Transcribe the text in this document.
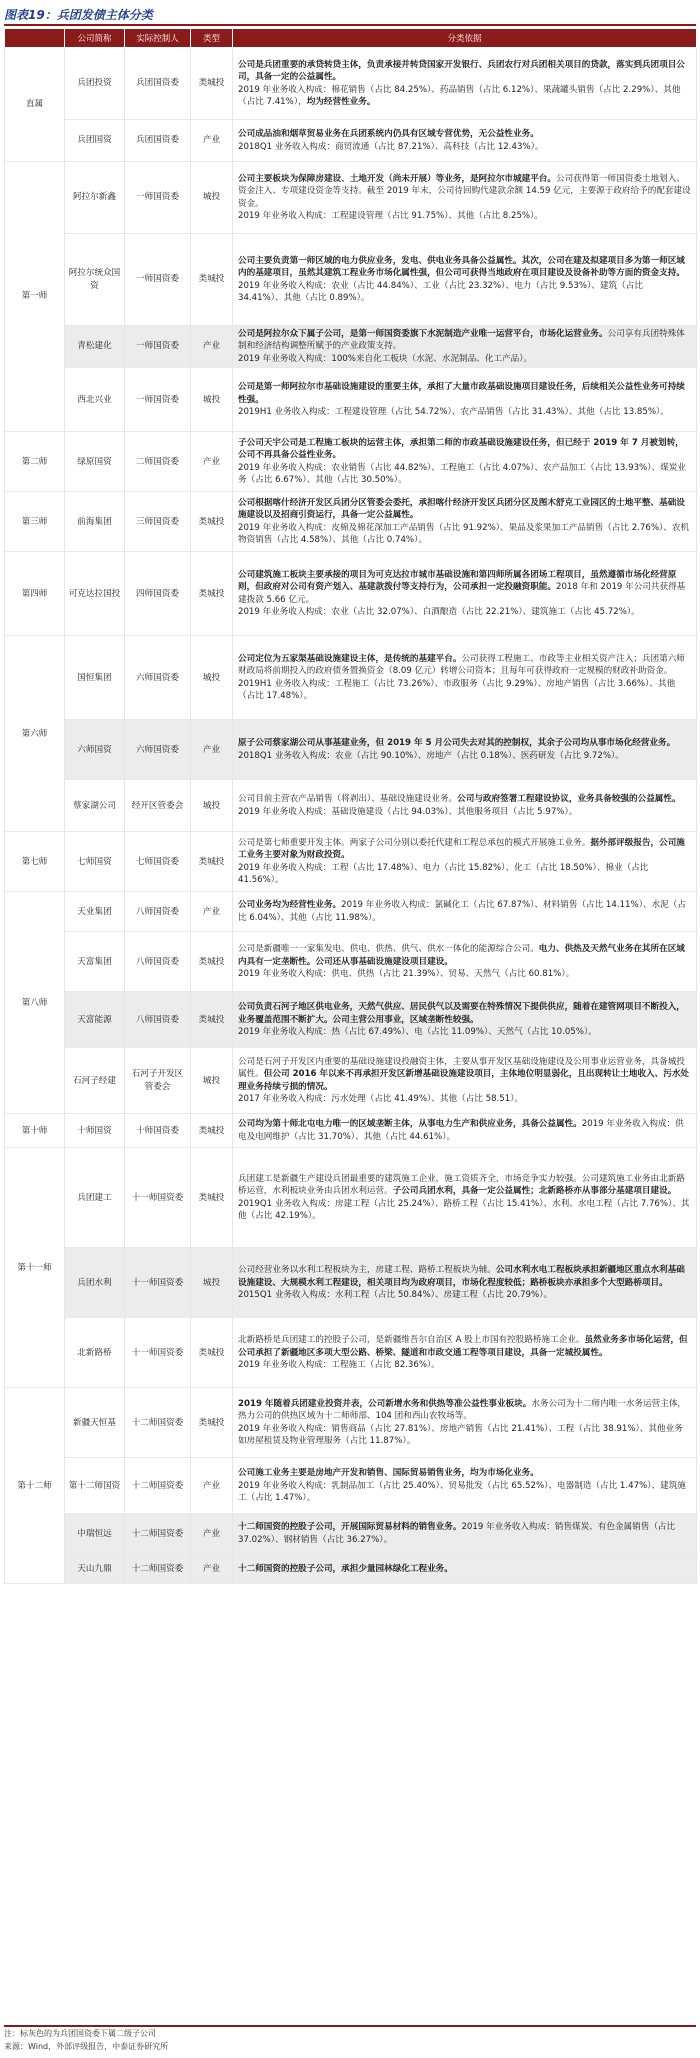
图表19：兵团发债主体分类
	公司简称	实际控制人	类型	分类依据
直属	兵团投资	兵团国资委	类城投	公司是兵团重要的承贷转贷主体，负责承接并转贷国家开发银行、兵团农行对兵团相关项目的贷款，落实到兵团项目公司，具备一定的公益属性。
2019 年业务收入构成：棉花销售（占比 84.25%）、药品销售（占比 6.12%）、果蔬罐头销售（占比 2.29%）、其他（占比 7.41%），均为经营性业务。

	兵团国资	兵团国资委	产业	公司成品油和烟草贸易业务在兵团系统内仍具有区域专营优势，无公益性业务。
2018Q1 业务收入构成：商贸流通（占比 87.21%）、高科技（占比 12.43%）。

第一师	阿拉尔新鑫	一师国资委	城投	公司主要板块为保障房建设、土地开发（尚未开展）等业务，是阿拉尔市城建平台。公司获得第一师国资委土地划入、资金注入、专项建设资金等支持。截至 2019 年末，公司待回购代建款余额 14.59 亿元，主要源于政府给予的配套建设资金。
2019 年业务收入构成：工程建设管理（占比 91.75%）、其他（占比 8.25%）。

	阿拉尔统众国资	一师国资委	类城投	公司主要负责第一师区域的电力供应业务，发电、供电业务具备公益属性。其次，公司在建及拟建项目多为第一师区域内的基建项目，虽然其建筑工程业务市场化属性强，但公司可获得当地政府在项目建设及设备补助等方面的资金支持。
2019 年业务收入构成：农业（占比 44.84%）、工业（占比 23.32%）、电力（占比 9.53%）、建筑（占比 34.41%）、其他（占比 0.89%）。

	青松建化	一师国资委	产业	公司是阿拉尔众下属子公司，是第一师国资委旗下水泥制造产业唯一运营平台，市场化运营业务。公司享有兵团特殊体制和经济结构调整所赋予的产业政策支持。
2019 年业务收入构成：100%来自化工板块（水泥、水泥制品、化工产品）。

	西北兴业	一师国资委	城投	公司是第一师阿拉尔市基础设施建设的重要主体，承担了大量市政基础设施项目建设任务，后续相关公益性业务可持续性强。
2019H1 业务收入构成：工程建设管理（占比 54.72%）、农产品销售（占比 31.43%）、其他（占比 13.85%）。

第二师	绿原国资	二师国资委	产业	子公司天宇公司是工程施工板块的运营主体，承担第二师的市政基础设施建设任务，但已经于 2019 年 7 月被划转，公司不再具备公益性业务。
2019 年业务收入构成：农业销售（占比 44.82%）、工程施工（占比 4.07%）、农产品加工（占比 13.93%）、煤炭业务（占比 6.67%）、其他（占比 30.50%）。

第三师	前海集团	三师国资委	类城投	公司根据喀什经济开发区兵团分区管委会委托，承担喀什经济开发区兵团分区及图木舒克工业园区的土地平整、基础设施建设以及招商引资运行，具备一定公益属性。
2019 年业务收入构成：皮棉及棉花深加工产品销售（占比 91.92%）、果品及浆果加工产品销售（占比 2.76%）、农机物资销售（占比 4.58%）、其他（占比 0.74%）。

第四师	可克达拉国投	四师国资委	类城投	公司建筑施工板块主要承接的项目为可克达拉市城市基础设施和第四师所属各团场工程项目，虽然遵循市场化经营原则，但政府对公司有资产划入、基建款拨付等支持行为，公司承担一定投融资职能。2018 年和 2019 年公司共获得基建拨款 5.66 亿元。
2019 年业务收入构成：农业（占比 32.07%）、白酒酿造（占比 22.21%）、建筑施工（占比 45.72%）。

第六师	国恒集团	六师国资委	城投	公司定位为五家渠基础设施建设主体，是传统的基建平台。公司获得工程施工、市政等主业相关资产注入；兵团第六师财政局将前期投入的政府债务置换资金（8.09 亿元）转增公司资本；且每年可获得政府一定规模的财政补助资金。
2019H1 业务收入构成：工程施工（占比 73.26%）、市政服务（占比 9.29%）、房地产销售（占比 3.66%）、其他（占比 17.48%）。

	六师国资	六师国资委	产业	原子公司蔡家湖公司从事基建业务，但 2019 年 5 月公司失去对其的控制权，其余子公司均从事市场化经营业务。
2018Q1 业务收入构成：农业（占比 90.10%）、房地产（占比 0.18%）、医药研发（占比 9.72%）。

	蔡家湖公司	经开区管委会	城投	公司目前主营农产品销售（将剥出）、基础设施建设业务。公司与政府签署工程建设协议，业务具备较强的公益属性。
2019 年业务收入构成：基础设施建设（占比 94.03%）、其他服务项目（占比 5.97%）。

第七师	七师国资	七师国资委	类城投	公司是第七师重要开发主体。两家子公司分别以委托代建和工程总承包的模式开展施工业务。据外部评级报告，公司施工业务主要对象为财政投资。
2019 年业务收入构成：工程（占比 17.48%）、电力（占比 15.82%）、化工（占比 18.50%）、棉业（占比 41.56%）。

第八师	天业集团	八师国资委	产业	公司业务均为经营性业务。2019 年业务收入构成：氯碱化工（占比 67.87%）、材料销售（占比 14.11%）、水泥（占比 6.04%）、其他（占比 11.98%）。

	天富集团	八师国资委	类城投	公司是新疆唯一一家集发电、供电、供热、供气、供水一体化的能源综合公司。电力、供热及天然气业务在其所在区域内具有一定垄断性。公司还从事基础设施建设项目建设。
2019 年业务收入构成：供电、供热（占比 21.39%）、贸易、天然气（占比 60.81%）。

	天富能源	八师国资委	类城投	公司负责石河子地区供电业务，天然气供应、居民供气以及需要在特殊情况下提供供应，随着在建管网项目不断投入，业务覆盖范围不断扩大。公司主营公用事业，区域垄断性较强。
2019 年业务收入构成：热（占比 67.49%）、电（占比 11.09%）、天然气（占比 10.05%）。

	石河子经建	石河子开发区管委会	城投	公司是石河子开发区内重要的基础设施建设投融资主体，主要从事开发区基础设施建设及公用事业运营业务，具备城投属性。但公司 2016 年以来不再承担开发区新增基础设施建设项目，主体地位明显弱化，且出现转让土地收入、污水处理业务持续亏损的情况。
2017 年业务收入构成：污水处理（占比 41.49%）、其他（占比 58.51）。

第十师	十师国资	十师国资委	类城投	公司均为第十师北屯电力唯一的区域垄断主体，从事电力生产和供应业务，具备公益属性。2019 年业务收入构成：供电及电网维护（占比 31.70%）、其他（占比 44.61%）。

第十一师	兵团建工	十一师国资委	类城投	兵团建工是新疆生产建设兵团最重要的建筑施工企业，施工资质齐全，市场竞争实力较强。公司建筑施工业务由北新路桥运营，水利板块业务由兵团水利运营。子公司兵团水利，具备一定公益属性；北新路桥亦从事部分基建项目建设。
2019Q1 业务收入构成：房建工程（占比 25.24%）、路桥工程（占比 15.41%）、水利、水电工程（占比 7.76%）、其他（占比 42.19%）。

	兵团水利	十一师国资委	城投	公司经营业务以水利工程板块为主，房建工程、路桥工程板块为辅。公司水利水电工程板块承担新疆地区重点水利基础设施建设、大规模水利工程建设，相关项目均为政府项目，市场化程度较低；路桥板块亦承担多个大型路桥项目。
2015Q1 业务收入构成：水利工程（占比 50.84%）、房建工程（占比 20.79%）。

	北新路桥	十一师国资委	类城投	北新路桥是兵团建工的控股子公司，是新疆维吾尔自治区 A 股上市国有控股路桥施工企业。虽然业务多市场化运营，但公司承担了新疆地区多项大型公路、桥梁、隧道和市政交通工程等项目建设，具备一定城投属性。
2019 年业务收入构成：工程施工（占比 82.36%）。

第十二师	新疆天恒基	十二师国资委	类城投	2019 年随着兵团建业投资并表，公司新增水务和供热等准公益性事业板块。水务公司为十二师内唯一水务运营主体，热力公司的供热区域为十二师师部、104 团和西山农牧场等。
2019 年业务收入构成：销售商品（占比 27.81%）、房地产销售（占比 21.41%）、工程（占比 38.91%）、其他业务如房屋租赁及物业管理服务（占比 11.87%）。

	第十二师国资	十二师国资委	产业	公司施工业务主要是房地产开发和销售、国际贸易销售业务，均为市场化业务。
2019 年业务收入构成：乳制品加工（占比 25.40%）、贸易批发（占比 65.52%）、电器制造（占比 1.47%）、建筑施工（占比 1.47%）。

	中瑞恒远	十二师国资委	产业	十二师国资的控股子公司，开展国际贸易材料的销售业务。2019 年业务收入构成：销售煤炭、有色金属销售（占比 37.02%）、钢材销售（占比 36.27%）。

	天山九鼎	十二师国资委	产业	十二师国资的控股子公司，承担少量园林绿化工程业务。
注：标灰色的为兵团国资委下属二级子公司
来源：Wind，外部评级报告，中泰证券研究所
